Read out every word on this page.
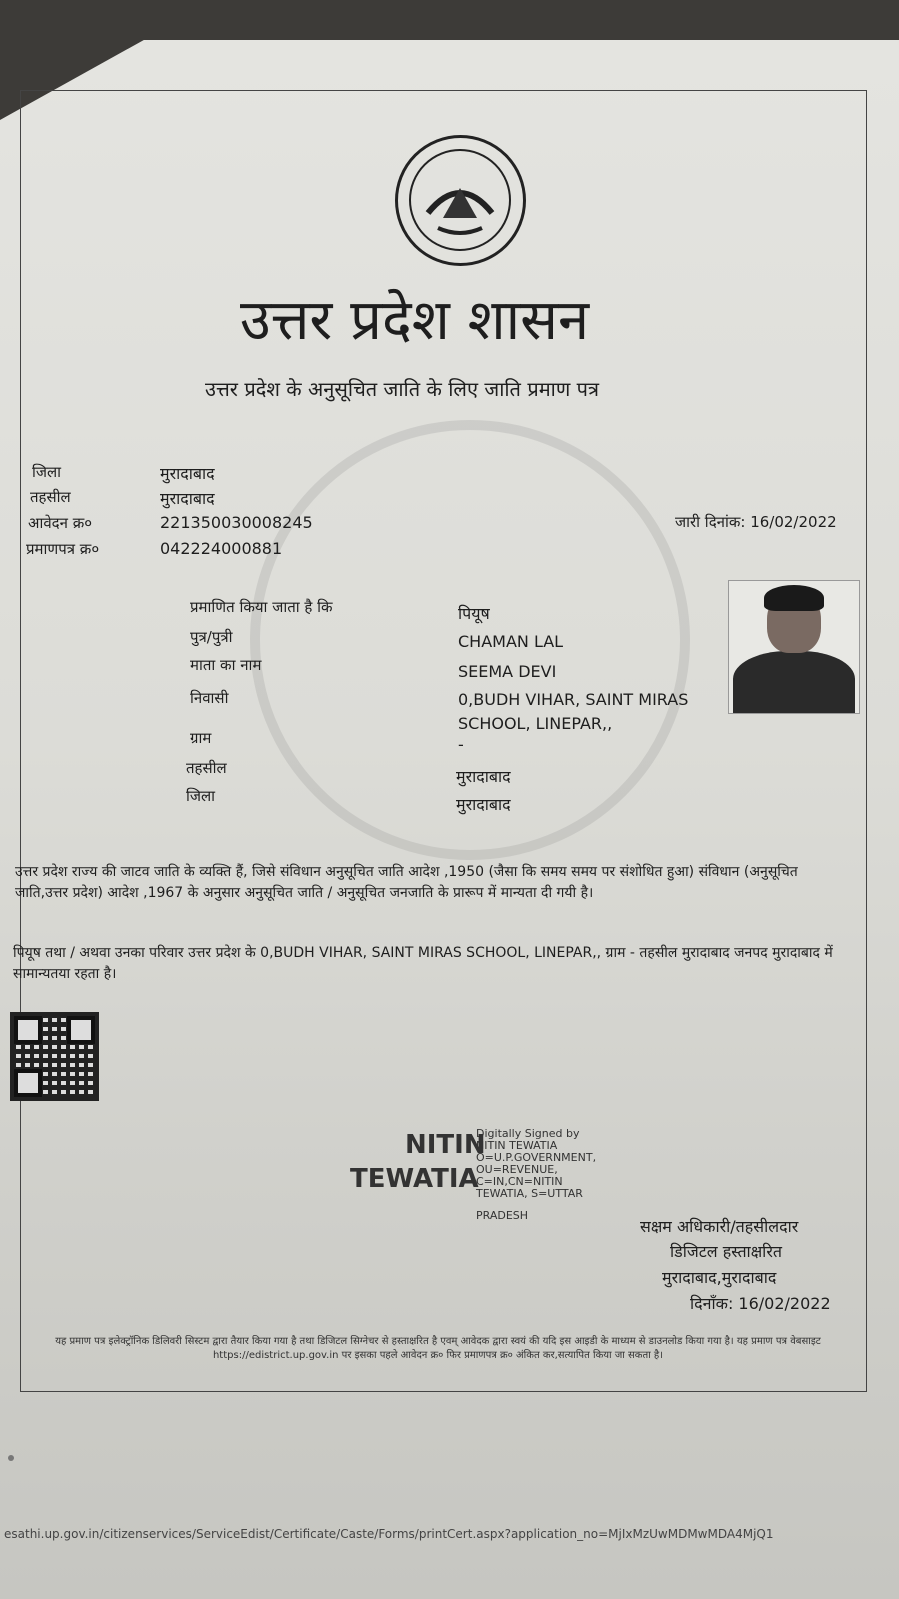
उत्तर प्रदेश शासन
उत्तर प्रदेश के अनुसूचित जाति के लिए जाति प्रमाण पत्र
जिला	मुरादाबाद
तहसील	मुरादाबाद
आवेदन क्र०	221350030008245
प्रमाणपत्र क्र०	042224000881
जारी दिनांक: 16/02/2022
प्रमाणित किया जाता है कि	पियूष
पुत्र/पुत्री	CHAMAN LAL
माता का नाम	SEEMA DEVI
निवासी	0,BUDH VIHAR, SAINT MIRAS
SCHOOL, LINEPAR,,
ग्राम	-
तहसील	मुरादाबाद
जिला	मुरादाबाद
उत्तर प्रदेश राज्य की जाटव जाति के व्यक्ति हैं, जिसे संविधान अनुसूचित जाति आदेश ,1950 (जैसा कि समय समय पर संशोधित हुआ) संविधान (अनुसूचित जाति,उत्तर प्रदेश) आदेश ,1967 के अनुसार अनुसूचित जाति / अनुसूचित जनजाति के प्रारूप में मान्यता दी गयी है।
पियूष तथा / अथवा उनका परिवार उत्तर प्रदेश के 0,BUDH VIHAR, SAINT MIRAS SCHOOL, LINEPAR,, ग्राम - तहसील मुरादाबाद जनपद मुरादाबाद में सामान्यतया रहता है।
NITIN
TEWATIA
Digitally Signed by
NITIN TEWATIA
O=U.P.GOVERNMENT,
OU=REVENUE,
C=IN,CN=NITIN
TEWATIA, S=UTTAR
PRADESH
सक्षम अधिकारी/तहसीलदार
डिजिटल हस्ताक्षरित
मुरादाबाद,मुरादाबाद
दिनाँक: 16/02/2022
यह प्रमाण पत्र इलेक्ट्रॉनिक डिलिवरी सिस्टम द्वारा तैयार किया गया है तथा डिजिटल सिग्नेचर से हस्ताक्षरित है एवम् आवेदक द्वारा स्वयं की यदि इस आइडी के माध्यम से डाउनलोड किया गया है। यह प्रमाण पत्र वेबसाइट https://edistrict.up.gov.in पर इसका पहले आवेदन क्र० फिर प्रमाणपत्र क्र० अंकित कर,सत्यापित किया जा सकता है।
esathi.up.gov.in/citizenservices/ServiceEdist/Certificate/Caste/Forms/printCert.aspx?application_no=MjIxMzUwMDMwMDA4MjQ1
